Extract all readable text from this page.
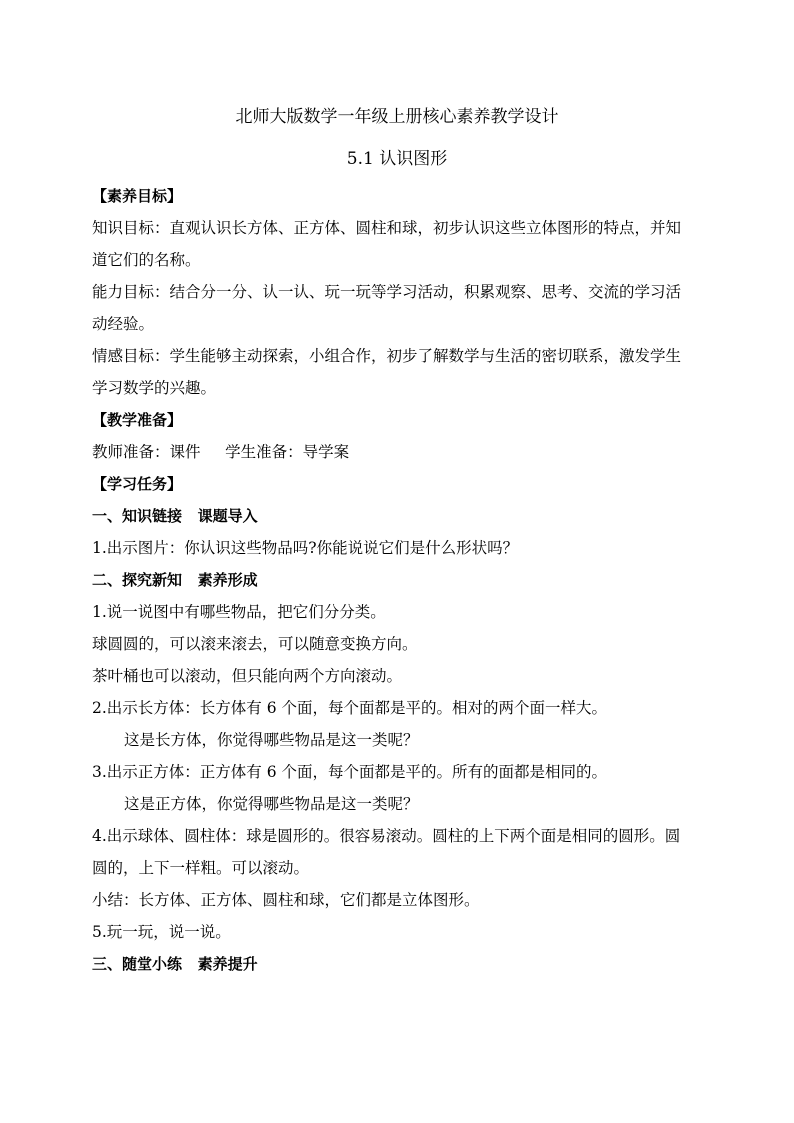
北师大版数学一年级上册核心素养教学设计
5.1 认识图形
【素养目标】
知识目标：直观认识长方体、正方体、圆柱和球，初步认识这些立体图形的特点，并知
道它们的名称。
能力目标：结合分一分、认一认、玩一玩等学习活动，积累观察、思考、交流的学习活
动经验。
情感目标：学生能够主动探索，小组合作，初步了解数学与生活的密切联系，激发学生
学习数学的兴趣。
【教学准备】
教师准备：课件     学生准备：导学案
【学习任务】
一、知识链接   课题导入
1.出示图片：你认识这些物品吗?你能说说它们是什么形状吗？
二、探究新知   素养形成
1.说一说图中有哪些物品，把它们分分类。
球圆圆的，可以滚来滚去，可以随意变换方向。
茶叶桶也可以滚动，但只能向两个方向滚动。
2.出示长方体：长方体有 6 个面，每个面都是平的。相对的两个面一样大。
这是长方体，你觉得哪些物品是这一类呢？
3.出示正方体：正方体有 6 个面，每个面都是平的。所有的面都是相同的。
这是正方体，你觉得哪些物品是这一类呢？
4.出示球体、圆柱体：球是圆形的。很容易滚动。圆柱的上下两个面是相同的圆形。圆
圆的，上下一样粗。可以滚动。
小结：长方体、正方体、圆柱和球，它们都是立体图形。
5.玩一玩，说一说。
三、随堂小练   素养提升
